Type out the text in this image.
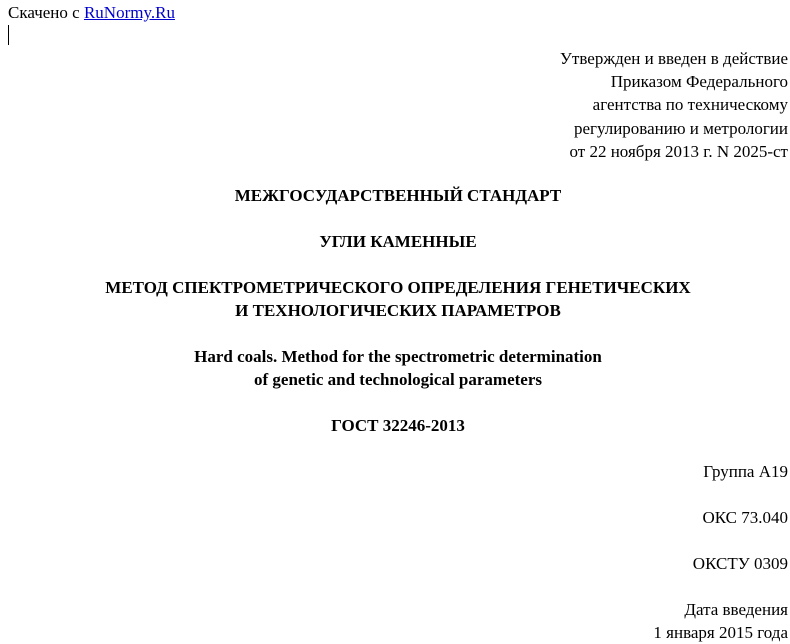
Скачено с RuNormy.Ru
Утвержден и введен в действие
Приказом Федерального
агентства по техническому
регулированию и метрологии
от 22 ноября 2013 г. N 2025-ст
МЕЖГОСУДАРСТВЕННЫЙ СТАНДАРТ
УГЛИ КАМЕННЫЕ
МЕТОД СПЕКТРОМЕТРИЧЕСКОГО ОПРЕДЕЛЕНИЯ ГЕНЕТИЧЕСКИХ
И ТЕХНОЛОГИЧЕСКИХ ПАРАМЕТРОВ
Hard coals. Method for the spectrometric determination
of genetic and technological parameters
ГОСТ 32246-2013
Группа А19
ОКС 73.040
ОКСТУ 0309
Дата введения
1 января 2015 года
